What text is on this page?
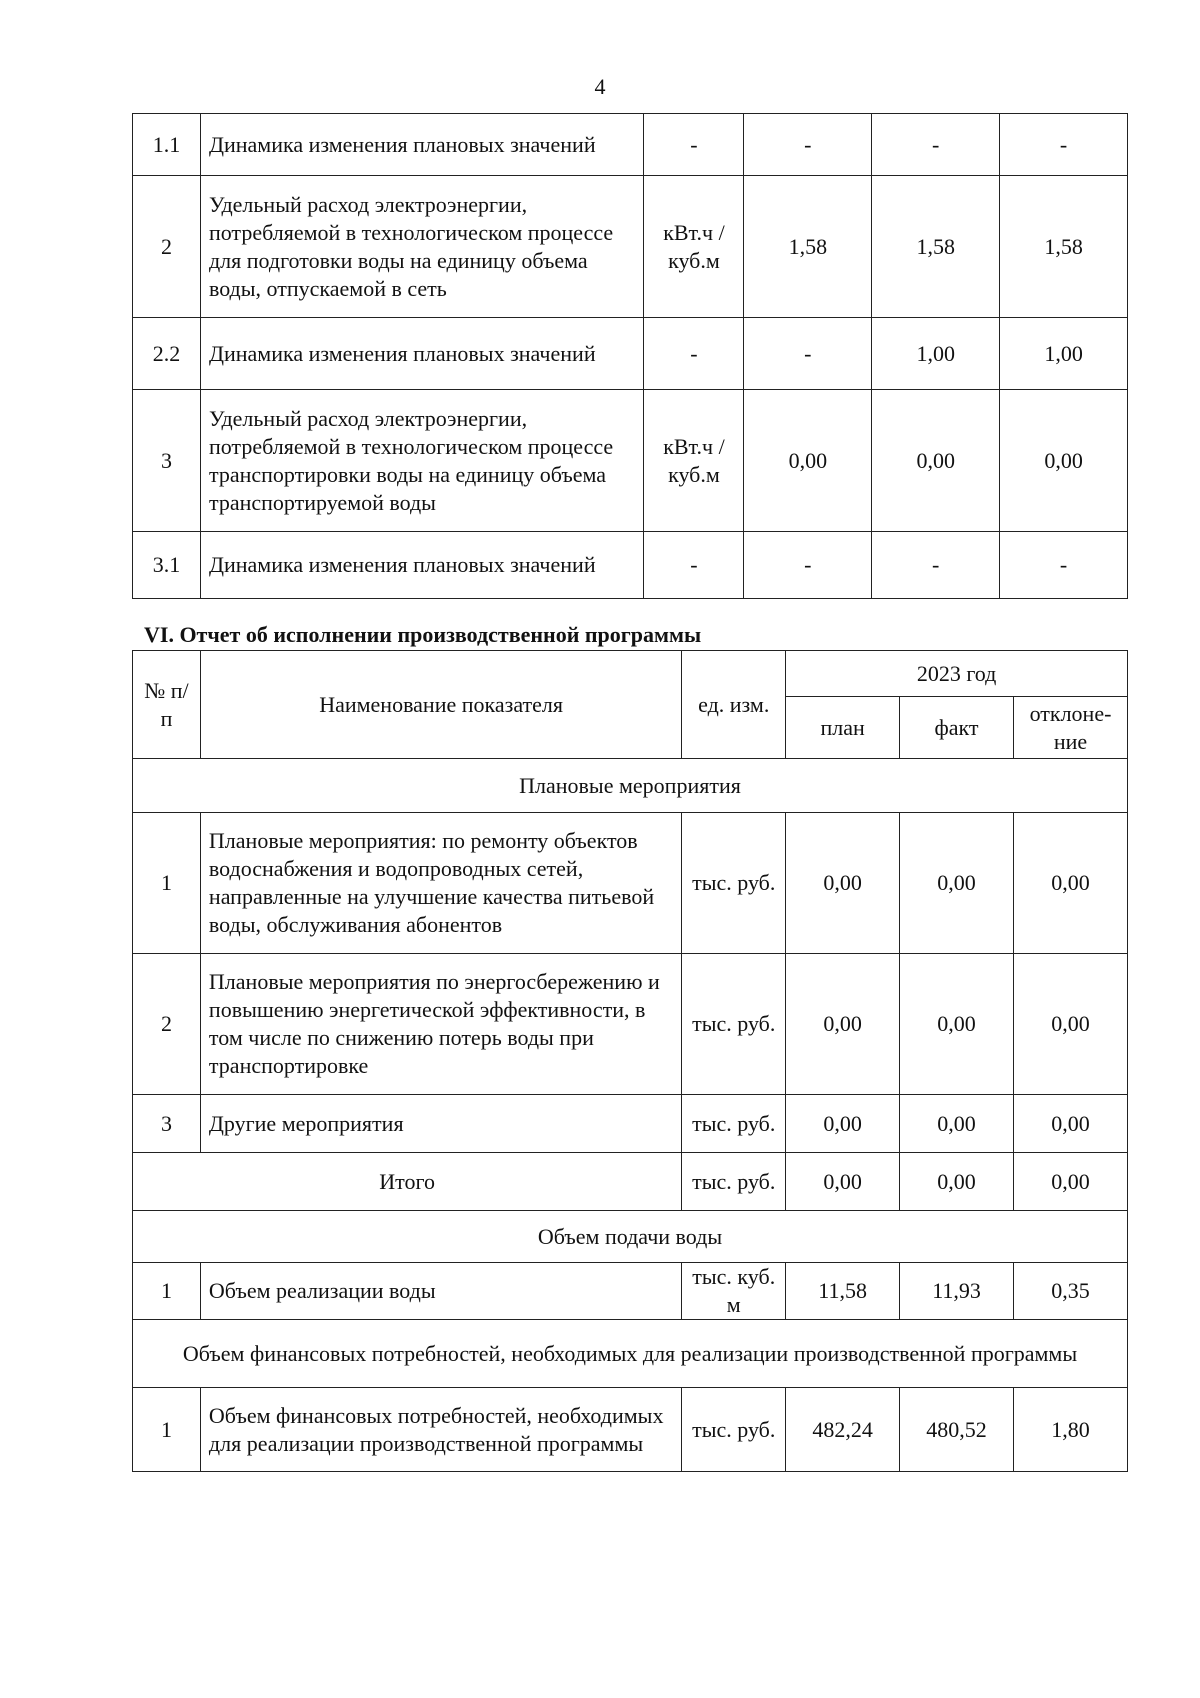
4
1.1	Динамика изменения плановых значений	-	-	-	-
2	Удельный расход электроэнергии, потребляемой в технологическом процессе для подготовки воды на единицу объема воды, отпускаемой в сеть	кВт.ч / куб.м	1,58	1,58	1,58
2.2	Динамика изменения плановых значений	-	-	1,00	1,00
3	Удельный расход электроэнергии, потребляемой в технологическом процессе транспортировки воды на единицу объема транспортируемой воды	кВт.ч / куб.м	0,00	0,00	0,00
3.1	Динамика изменения плановых значений	-	-	-	-
VI. Отчет об исполнении производственной программы
№ п/п	Наименование показателя	ед. изм.	2023 год		
			план	факт	отклоне-ние
Плановые мероприятия					
1	Плановые мероприятия: по ремонту объектов водоснабжения и водопроводных сетей, направленные на улучшение качества питьевой воды, обслуживания абонентов	тыс. руб.	0,00	0,00	0,00
2	Плановые мероприятия по энергосбережению и повышению энергетической эффективности, в том числе по снижению потерь воды при транспортировке	тыс. руб.	0,00	0,00	0,00
3	Другие мероприятия	тыс. руб.	0,00	0,00	0,00
Итого		тыс. руб.	0,00	0,00	0,00
Объем подачи воды					
1	Объем реализации воды	тыс. куб. м	11,58	11,93	0,35
Объем финансовых потребностей, необходимых для реализации производственной программы					
1	Объем финансовых потребностей, необходимых для реализации производственной программы	тыс. руб.	482,24	480,52	1,80
